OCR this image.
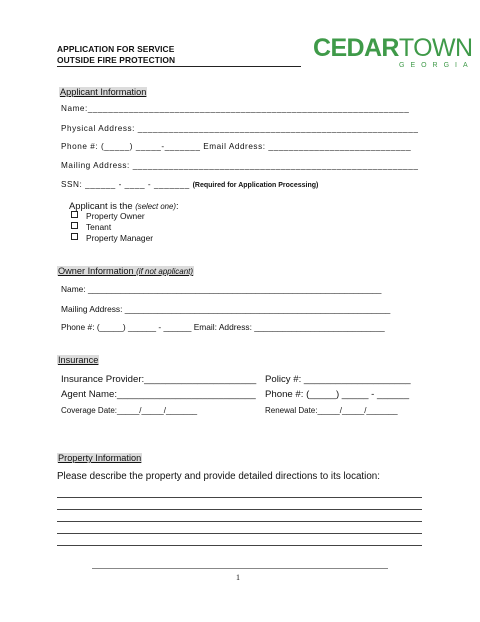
APPLICATION FOR SERVICE
OUTSIDE FIRE PROTECTION	CEDARTOWN
GEORGIA
Applicant Information
Name:_______________________________________________________________
Physical Address: _______________________________________________________
Phone #: (_____) _____-_______ Email Address: ____________________________
Mailing Address: ________________________________________________________
SSN: ______ - ____ - _______ (Required for Application Processing)
Applicant is the (select one):
Property Owner
Tenant
Property Manager
Owner Information (if not applicant)
Name: _______________________________________________________________
Mailing Address: _________________________________________________________
Phone #: (_____) ______ - ______ Email: Address: ____________________________
Insurance
Insurance Provider:_____________________ Policy #: ____________________
Agent Name:__________________________ Phone #: (_____) _____ - ______
Coverage Date:_____/_____/_______	Renewal Date:_____/_____/_______
Property Information
Please describe the property and provide detailed directions to its location:
1
